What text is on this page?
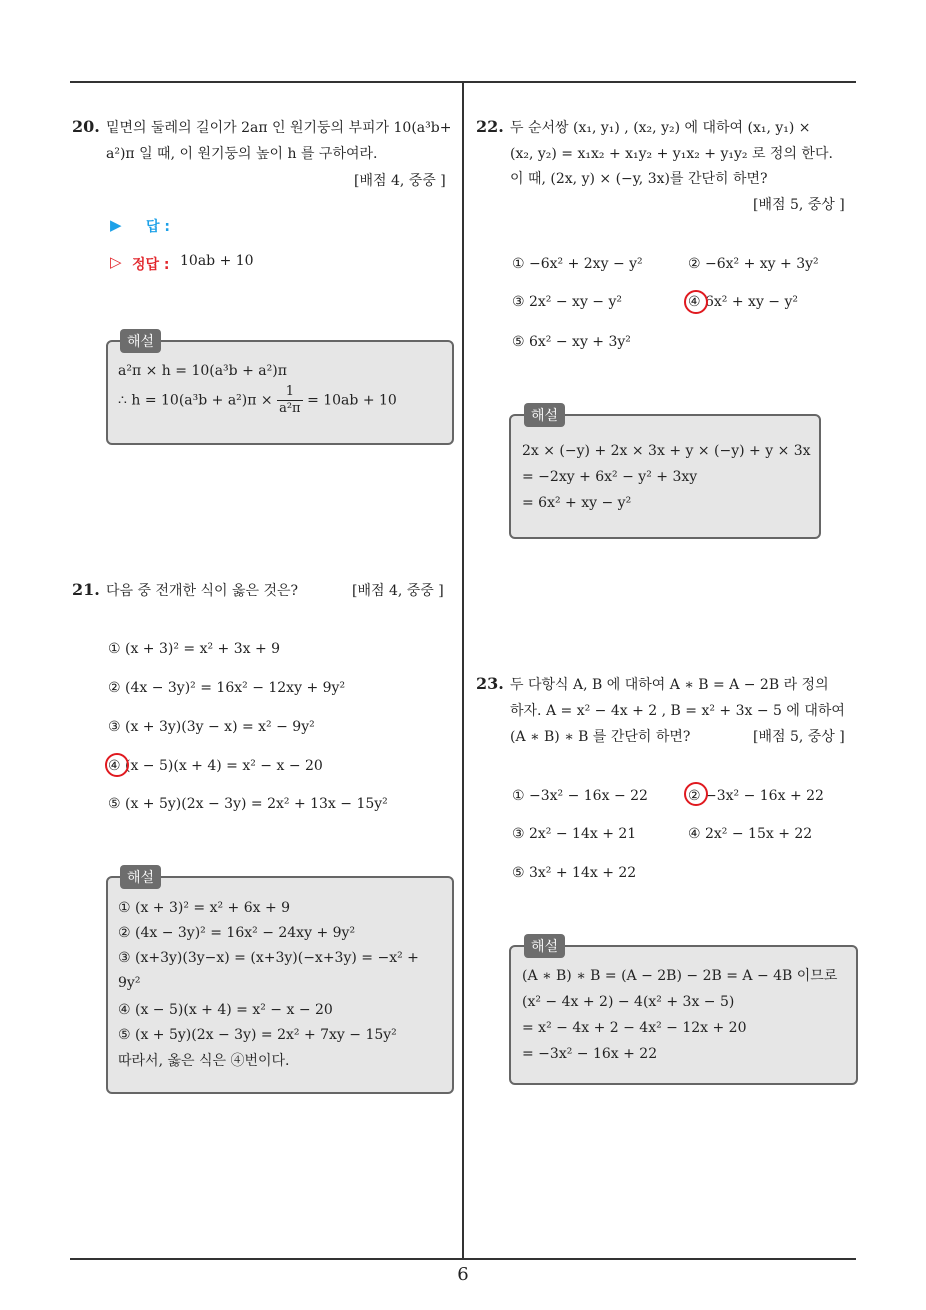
6
20. 밑면의 둘레의 길이가 2aπ 인 원기둥의 부피가 10(a³b+
a²)π 일 때, 이 원기둥의 높이 h 를 구하여라.
[배점 4, 중중 ]
▶ 답 :
▷ 정답 : 10ab + 10
해설
a²π × h = 10(a³b + a²)π
∴ $h = 10(a^3b + a^2)\pi \times \frac{1}{\text{a²π}} = 10ab + 10$
21. 다음 중 전개한 식이 옳은 것은?	[배점 4, 중중 ]
① (x + 3)² = x² + 3x + 9
② (4x − 3y)² = 16x² − 12xy + 9y²
③ (x + 3y)(3y − x) = x² − 9y²
④ (x − 5)(x + 4) = x² − x − 20
⑤ (x + 5y)(2x − 3y) = 2x² + 13x − 15y²
해설
① (x + 3)² = x² + 6x + 9
② (4x − 3y)² = 16x² − 24xy + 9y²
③ (x+3y)(3y−x) = (x+3y)(−x+3y) = −x² +
9y²
④ (x − 5)(x + 4) = x² − x − 20
⑤ (x + 5y)(2x − 3y) = 2x² + 7xy − 15y²
따라서, 옳은 식은 ④번이다.
22. 두 순서쌍 (x₁, y₁) , (x₂, y₂) 에 대하여 (x₁, y₁) ×
(x₂, y₂) = x₁x₂ + x₁y₂ + y₁x₂ + y₁y₂ 로 정의 한다.
이 때, (2x, y) × (−y, 3x)를 간단히 하면?
[배점 5, 중상 ]
① −6x² + 2xy − y²	② −6x² + xy + 3y²
③ 2x² − xy − y²	④ 6x² + xy − y²
⑤ 6x² − xy + 3y²
해설
2x × (−y) + 2x × 3x + y × (−y) + y × 3x
= −2xy + 6x² − y² + 3xy
= 6x² + xy − y²
23. 두 다항식 A, B 에 대하여 A ∗ B = A − 2B 라 정의
하자. A = x² − 4x + 2 , B = x² + 3x − 5 에 대하여
(A ∗ B) ∗ B 를 간단히 하면?	[배점 5, 중상 ]
① −3x² − 16x − 22	② −3x² − 16x + 22
③ 2x² − 14x + 21	④ 2x² − 15x + 22
⑤ 3x² + 14x + 22
해설
(A ∗ B) ∗ B = (A − 2B) − 2B = A − 4B 이므로
(x² − 4x + 2) − 4(x² + 3x − 5)
= x² − 4x + 2 − 4x² − 12x + 20
= −3x² − 16x + 22
